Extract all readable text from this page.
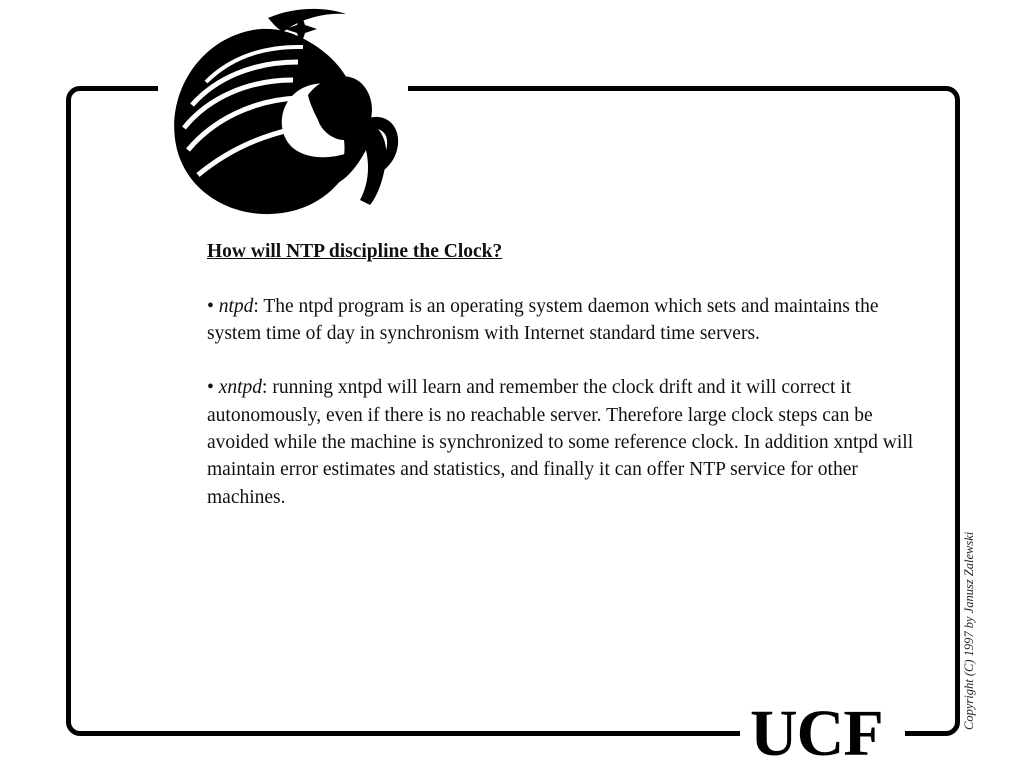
How will NTP discipline the Clock?

• ntpd: The ntpd program is an operating system daemon which sets and maintains the system time of day in synchronism with Internet standard time servers.

• xntpd: running xntpd will learn and remember the clock drift and it will correct it autonomously, even if there is no reachable server. Therefore large clock steps can be avoided while the machine is synchronized to some reference clock. In addition xntpd will maintain error estimates and statistics, and finally it can offer NTP service for other machines.

Copyright (C) 1997 by Janusz Zalewski
UCF
